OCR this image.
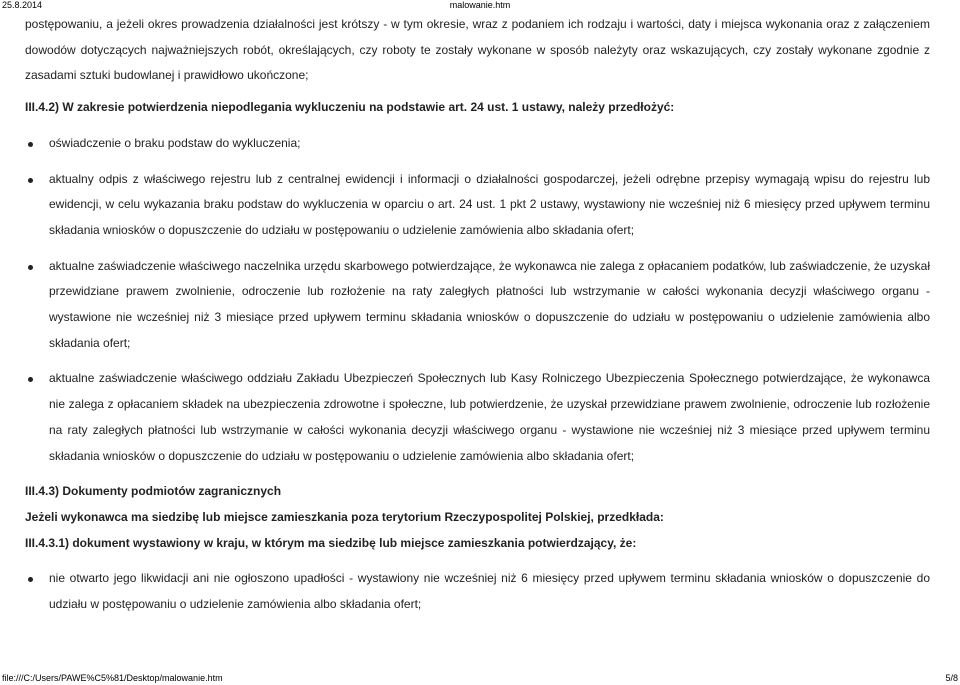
25.8.2014	malowanie.htm

postępowaniu, a jeżeli okres prowadzenia działalności jest krótszy - w tym okresie, wraz z podaniem ich rodzaju i wartości, daty i miejsca wykonania oraz z załączeniem dowodów dotyczących najważniejszych robót, określających, czy roboty te zostały wykonane w sposób należyty oraz wskazujących, czy zostały wykonane zgodnie z zasadami sztuki budowlanej i prawidłowo ukończone;

III.4.2) W zakresie potwierdzenia niepodlegania wykluczeniu na podstawie art. 24 ust. 1 ustawy, należy przedłożyć:

oświadczenie o braku podstaw do wykluczenia;
aktualny odpis z właściwego rejestru lub z centralnej ewidencji i informacji o działalności gospodarczej, jeżeli odrębne przepisy wymagają wpisu do rejestru lub ewidencji, w celu wykazania braku podstaw do wykluczenia w oparciu o art. 24 ust. 1 pkt 2 ustawy, wystawiony nie wcześniej niż 6 miesięcy przed upływem terminu składania wniosków o dopuszczenie do udziału w postępowaniu o udzielenie zamówienia albo składania ofert;
aktualne zaświadczenie właściwego naczelnika urzędu skarbowego potwierdzające, że wykonawca nie zalega z opłacaniem podatków, lub zaświadczenie, że uzyskał przewidziane prawem zwolnienie, odroczenie lub rozłożenie na raty zaległych płatności lub wstrzymanie w całości wykonania decyzji właściwego organu - wystawione nie wcześniej niż 3 miesiące przed upływem terminu składania wniosków o dopuszczenie do udziału w postępowaniu o udzielenie zamówienia albo składania ofert;
aktualne zaświadczenie właściwego oddziału Zakładu Ubezpieczeń Społecznych lub Kasy Rolniczego Ubezpieczenia Społecznego potwierdzające, że wykonawca nie zalega z opłacaniem składek na ubezpieczenia zdrowotne i społeczne, lub potwierdzenie, że uzyskał przewidziane prawem zwolnienie, odroczenie lub rozłożenie na raty zaległych płatności lub wstrzymanie w całości wykonania decyzji właściwego organu - wystawione nie wcześniej niż 3 miesiące przed upływem terminu składania wniosków o dopuszczenie do udziału w postępowaniu o udzielenie zamówienia albo składania ofert;

III.4.3) Dokumenty podmiotów zagranicznych

Jeżeli wykonawca ma siedzibę lub miejsce zamieszkania poza terytorium Rzeczypospolitej Polskiej, przedkłada:

III.4.3.1) dokument wystawiony w kraju, w którym ma siedzibę lub miejsce zamieszkania potwierdzający, że:

nie otwarto jego likwidacji ani nie ogłoszono upadłości - wystawiony nie wcześniej niż 6 miesięcy przed upływem terminu składania wniosków o dopuszczenie do udziału w postępowaniu o udzielenie zamówienia albo składania ofert;
file:///C:/Users/PAWE%C5%81/Desktop/malowanie.htm	5/8
